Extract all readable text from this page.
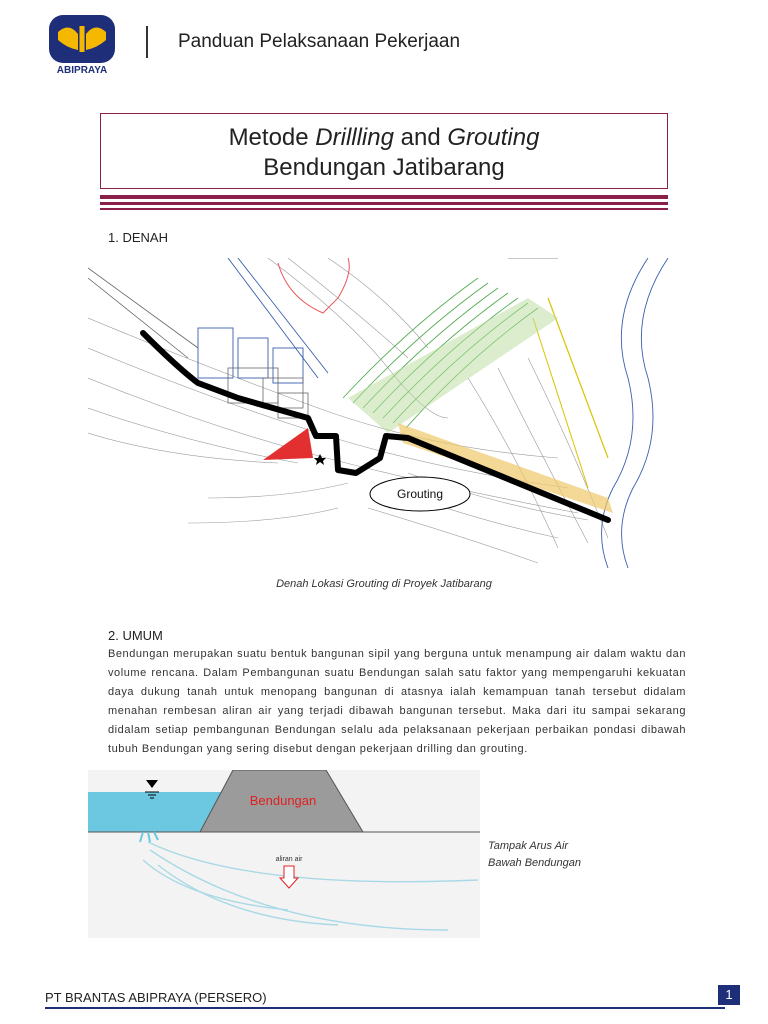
ABIPRAYA
Panduan Pelaksanaan Pekerjaan
Metode Drillling and Grouting
Bendungan Jatibarang
1. DENAH
Grouting
Denah Lokasi Grouting di Proyek Jatibarang
2. UMUM
Bendungan merupakan suatu bentuk bangunan sipil yang berguna untuk menampung air dalam waktu dan volume rencana. Dalam Pembangunan suatu Bendungan salah satu faktor yang mempengaruhi kekuatan daya dukung tanah untuk menopang bangunan di atasnya ialah kemampuan tanah tersebut didalam menahan rembesan aliran air yang terjadi dibawah bangunan tersebut. Maka dari itu sampai sekarang didalam setiap pembangunan Bendungan selalu ada pelaksanaan pekerjaan perbaikan pondasi dibawah tubuh Bendungan yang sering disebut dengan pekerjaan drilling dan grouting.
Bendungan
aliran air
Tampak Arus Air
Bawah Bendungan
PT BRANTAS ABIPRAYA (PERSERO)	1
